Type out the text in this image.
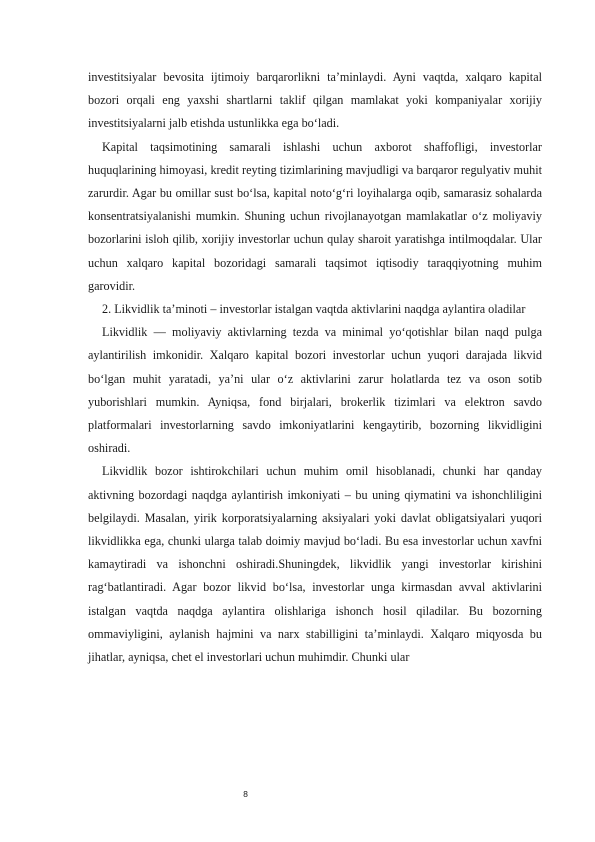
investitsiyalar bevosita ijtimoiy barqarorlikni ta’minlaydi. Ayni vaqtda, xalqaro kapital bozori orqali eng yaxshi shartlarni taklif qilgan mamlakat yoki kompaniyalar xorijiy investitsiyalarni jalb etishda ustunlikka ega bo‘ladi.

Kapital taqsimotining samarali ishlashi uchun axborot shaffofligi, investorlar huquqlarining himoyasi, kredit reyting tizimlarining mavjudligi va barqaror regulyativ muhit zarurdir. Agar bu omillar sust bo‘lsa, kapital noto‘g‘ri loyihalarga oqib, samarasiz sohalarda konsentratsiyalanishi mumkin. Shuning uchun rivojlanayotgan mamlakatlar o‘z moliyaviy bozorlarini isloh qilib, xorijiy investorlar uchun qulay sharoit yaratishga intilmoqdalar. Ular uchun xalqaro kapital bozoridagi samarali taqsimot iqtisodiy taraqqiyotning muhim garovidir.

2. Likvidlik ta’minoti – investorlar istalgan vaqtda aktivlarini naqdga aylantira oladilar

Likvidlik — moliyaviy aktivlarning tezda va minimal yo‘qotishlar bilan naqd pulga aylantirilish imkonidir. Xalqaro kapital bozori investorlar uchun yuqori darajada likvid bo‘lgan muhit yaratadi, ya’ni ular o‘z aktivlarini zarur holatlarda tez va oson sotib yuborishlari mumkin. Ayniqsa, fond birjalari, brokerlik tizimlari va elektron savdo platformalari investorlarning savdo imkoniyatlarini kengaytirib, bozorning likvidligini oshiradi.

Likvidlik bozor ishtirokchilari uchun muhim omil hisoblanadi, chunki har qanday aktivning bozordagi naqdga aylantirish imkoniyati – bu uning qiymatini va ishonchliligini belgilaydi. Masalan, yirik korporatsiyalarning aksiyalari yoki davlat obligatsiyalari yuqori likvidlikka ega, chunki ularga talab doimiy mavjud bo‘ladi. Bu esa investorlar uchun xavfni kamaytiradi va ishonchni oshiradi.Shuningdek, likvidlik yangi investorlar kirishini rag‘batlantiradi. Agar bozor likvid bo‘lsa, investorlar unga kirmasdan avval aktivlarini istalgan vaqtda naqdga aylantira olishlariga ishonch hosil qiladilar. Bu bozorning ommaviyligini, aylanish hajmini va narx stabilligini ta’minlaydi. Xalqaro miqyosda bu jihatlar, ayniqsa, chet el investorlari uchun muhimdir. Chunki ular

8
